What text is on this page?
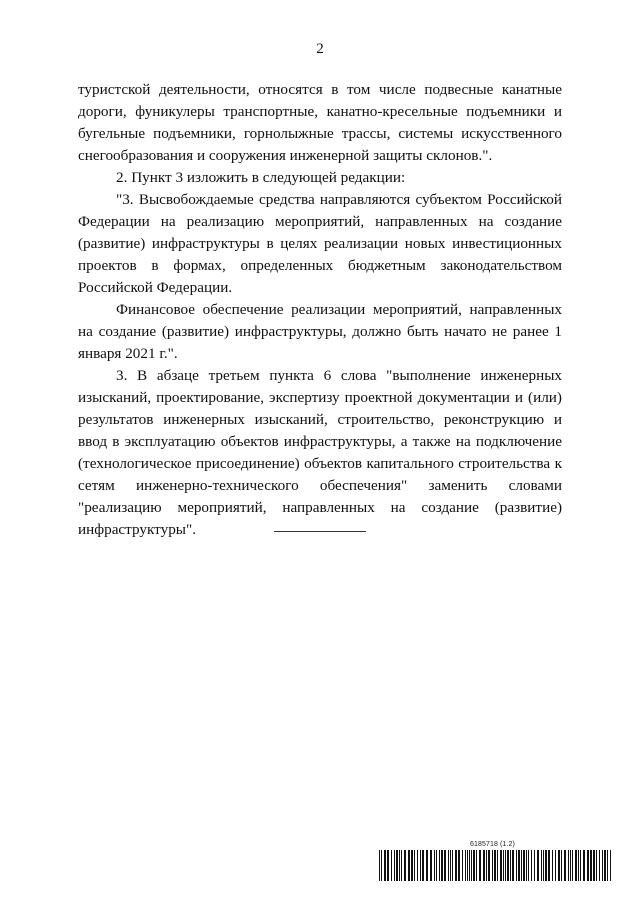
2

туристской деятельности, относятся в том числе подвесные канатные дороги, фуникулеры транспортные, канатно-кресельные подъемники и бугельные подъемники, горнолыжные трассы, системы искусственного снегообразования и сооружения инженерной защиты склонов.".

2. Пункт 3 изложить в следующей редакции:

"3. Высвобождаемые средства направляются субъектом Российской Федерации на реализацию мероприятий, направленных на создание (развитие) инфраструктуры в целях реализации новых инвестиционных проектов в формах, определенных бюджетным законодательством Российской Федерации.

Финансовое обеспечение реализации мероприятий, направленных на создание (развитие) инфраструктуры, должно быть начато не ранее 1 января 2021 г.".

3. В абзаце третьем пункта 6 слова "выполнение инженерных изысканий, проектирование, экспертизу проектной документации и (или) результатов инженерных изысканий, строительство, реконструкцию и ввод в эксплуатацию объектов инфраструктуры, а также на подключение (технологическое присоединение) объектов капитального строительства к сетям инженерно-технического обеспечения" заменить словами "реализацию мероприятий, направленных на создание (развитие) инфраструктуры".

6185718 (1.2)
